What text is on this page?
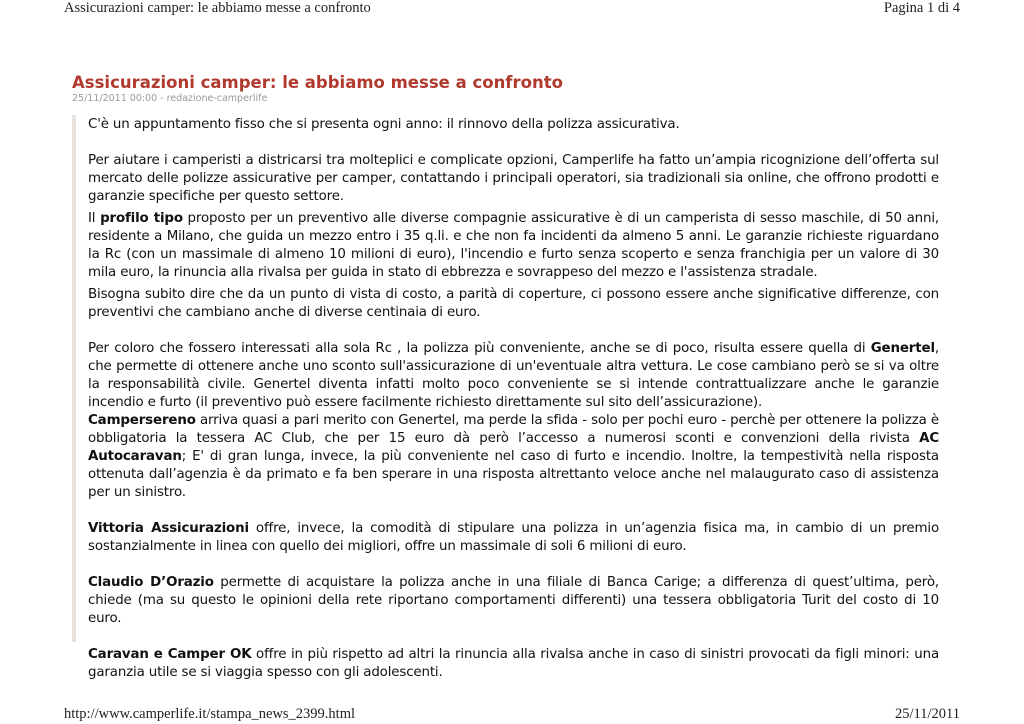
Assicurazioni camper: le abbiamo messe a confronto	Pagina 1 di 4
Assicurazioni camper: le abbiamo messe a confronto
25/11/2011 00:00 - redazione-camperlife

C'è un appuntamento fisso che si presenta ogni anno: il rinnovo della polizza assicurativa.

Per aiutare i camperisti a districarsi tra molteplici e complicate opzioni, Camperlife ha fatto un’ampia ricognizione dell’offerta sul mercato delle polizze assicurative per camper, contattando i principali operatori, sia tradizionali sia online, che offrono prodotti e garanzie specifiche per questo settore.

Il profilo tipo proposto per un preventivo alle diverse compagnie assicurative è di un camperista di sesso maschile, di 50 anni, residente a Milano, che guida un mezzo entro i 35 q.li. e che non fa incidenti da almeno 5 anni. Le garanzie richieste riguardano la Rc (con un massimale di almeno 10 milioni di euro), l'incendio e furto senza scoperto e senza franchigia per un valore di 30 mila euro, la rinuncia alla rivalsa per guida in stato di ebbrezza e sovrappeso del mezzo e l'assistenza stradale.

Bisogna subito dire che da un punto di vista di costo, a parità di coperture, ci possono essere anche significative differenze, con preventivi che cambiano anche di diverse centinaia di euro.

Per coloro che fossero interessati alla sola Rc , la polizza più conveniente, anche se di poco, risulta essere quella di Genertel, che permette di ottenere anche uno sconto sull'assicurazione di un'eventuale altra vettura. Le cose cambiano però se si va oltre la responsabilità civile. Genertel diventa infatti molto poco conveniente se si intende contrattualizzare anche le garanzie incendio e furto (il preventivo può essere facilmente richiesto direttamente sul sito dell’assicurazione).

Camperserenо arriva quasi a pari merito con Genertel, ma perde la sfida - solo per pochi euro - perchè per ottenere la polizza è obbligatoria la tessera AC Club, che per 15 euro dà però l’accesso a numerosi sconti e convenzioni della rivista AC Autocaravan; E' di gran lunga, invece, la più conveniente nel caso di furto e incendio. Inoltre, la tempestività nella risposta ottenuta dall’agenzia è da primato e fa ben sperare in una risposta altrettanto veloce anche nel malaugurato caso di assistenza per un sinistro.

Vittoria Assicurazioni offre, invece, la comodità di stipulare una polizza in un’agenzia fisica ma, in cambio di un premio sostanzialmente in linea con quello dei migliori, offre un massimale di soli 6 milioni di euro.

Claudio D’Orazio permette di acquistare la polizza anche in una filiale di Banca Carige; a differenza di quest’ultima, però, chiede (ma su questo le opinioni della rete riportano comportamenti differenti) una tessera obbligatoria Turit del costo di 10 euro.

Caravan e Camper OK offre in più rispetto ad altri la rinuncia alla rivalsa anche in caso di sinistri provocati da figli minori: una garanzia utile se si viaggia spesso con gli adolescenti.

http://www.camperlife.it/stampa_news_2399.html	25/11/2011
